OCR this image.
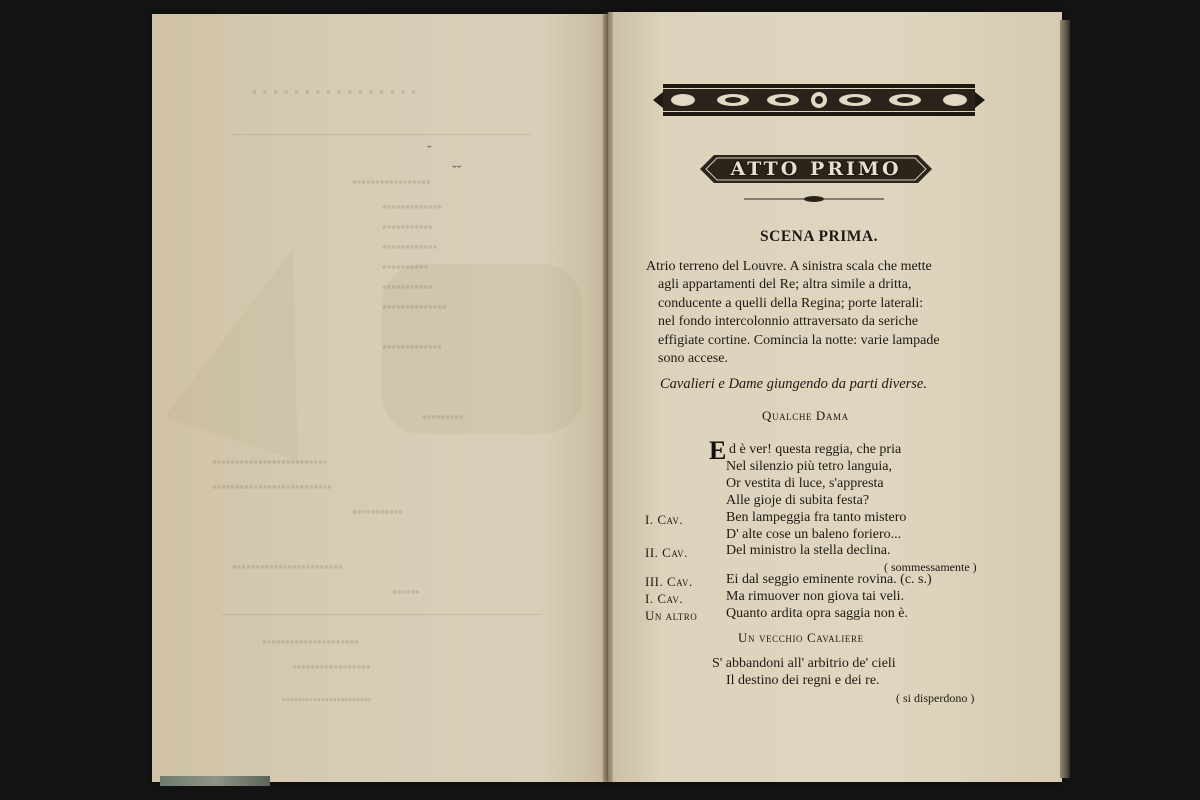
▪▪▪▪▪▪▪▪▪▪▪▪▪▪▪▪
▪▪▪▪▪▪▪▪▪▪▪▪▪▪▪▪▪
▪▪▪▪▪▪▪▪▪▪▪▪▪
▪▪▪▪▪▪▪▪▪▪▪
▪▪▪▪▪▪▪▪▪▪▪▪
▪▪▪▪▪▪▪▪▪▪
▪▪▪▪▪▪▪▪▪▪▪
▪▪▪▪▪▪▪▪▪▪▪▪▪▪
▪▪▪▪▪▪▪▪▪▪▪▪▪
▪▪▪▪▪▪▪▪▪
▪▪▪▪▪▪▪▪▪▪▪▪▪▪▪▪▪▪▪▪▪▪▪▪▪
▪▪▪▪▪▪▪▪▪▪▪▪▪▪▪▪▪▪▪▪▪▪▪▪▪▪
▪▪▪▪▪▪▪▪▪▪▪
▪▪▪▪▪▪▪▪▪▪▪▪▪▪▪▪▪▪▪▪▪▪▪▪
▪▪▪▪▪▪
▪▪▪▪▪▪▪▪▪▪▪▪▪▪▪▪▪▪▪▪▪
▪▪▪▪▪▪▪▪▪▪▪▪▪▪▪▪▪
▪▪▪▪▪▪▪▪▪▪▪▪▪▪▪▪▪▪▪▪▪▪▪
˘
˘˘	ATTO PRIMO
SCENA PRIMA.
Atrio terreno del Louvre. A sinistra scala che mette
agli appartamenti del Re; altra simile a dritta,
conducente a quelli della Regina; porte laterali:
nel fondo intercolonnio attraversato da seriche
effigiate cortine. Comincia la notte: varie lampade
sono accese.
Cavalieri e Dame giungendo da parti diverse.
Qualche Dama
E d è ver! questa reggia, che pria
Nel silenzio più tetro languia,
Or vestita di luce, s'appresta
Alle gioje di subita festa?
I. Cav.	Ben lampeggia fra tanto mistero
D' alte cose un baleno foriero...
II. Cav.	Del ministro la stella declina.
( sommessamente )
III. Cav. Ei dal seggio eminente rovina. (c. s.)
I. Cav.	Ma rimuover non giova tai veli.
Un altro Quanto ardita opra saggia non è.
Un vecchio Cavaliere
S' abbandoni all' arbitrio de' cieli
Il destino dei regni e dei re.
( si disperdono )
